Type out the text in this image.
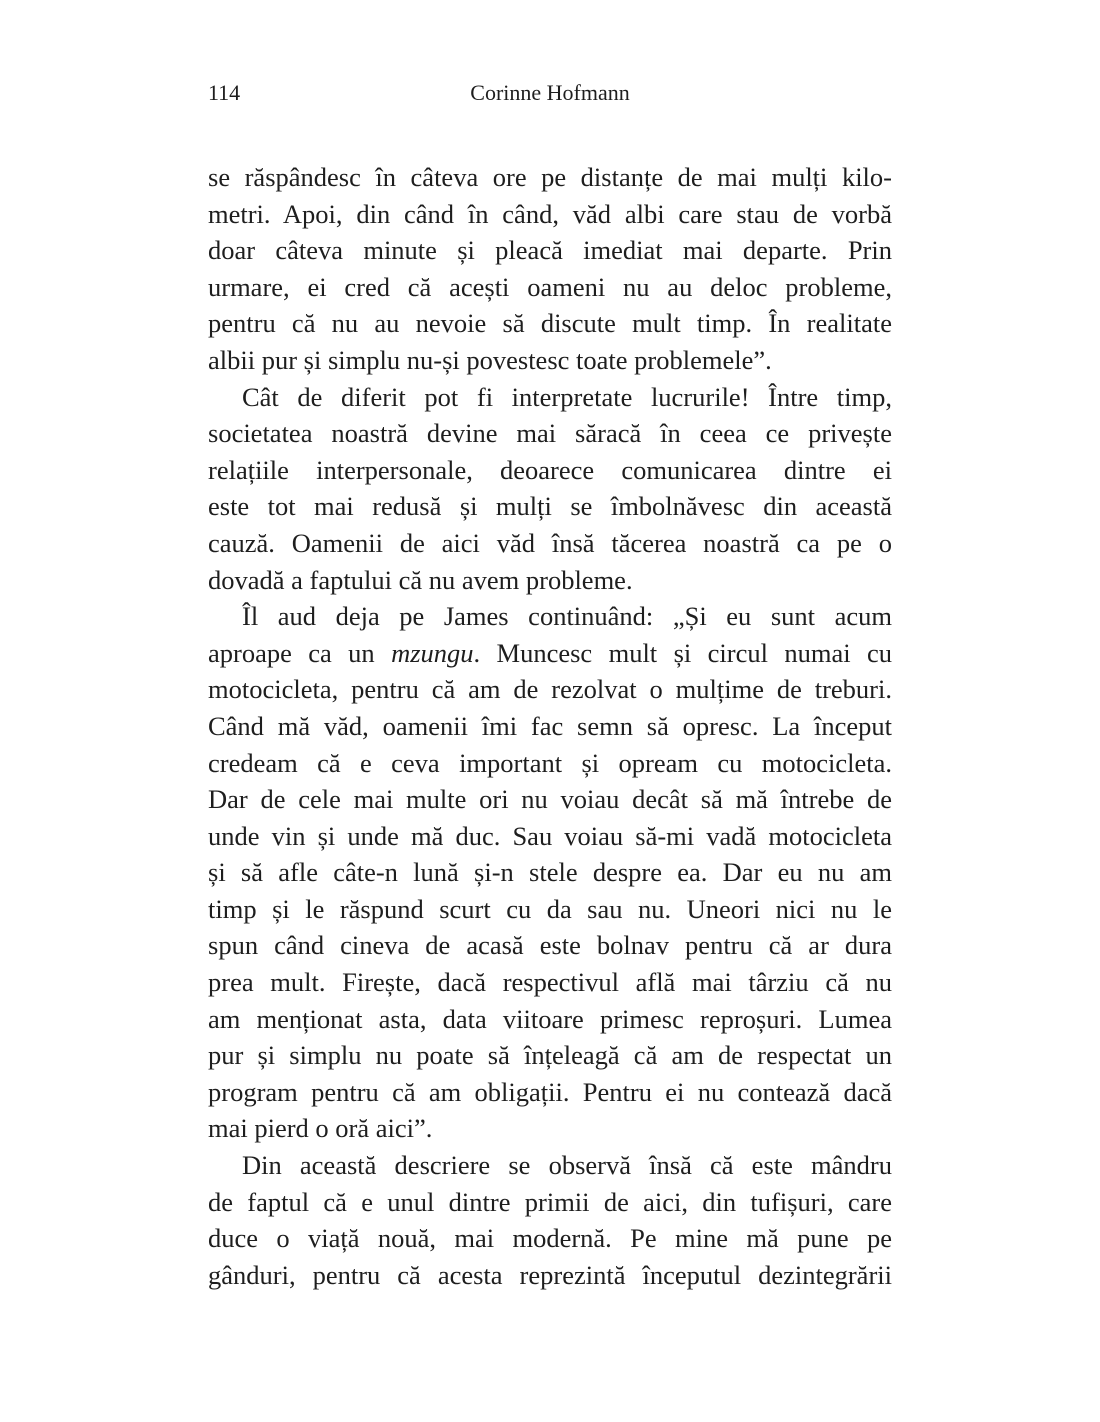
114	Corinne Hofmann
se răspândesc în câteva ore pe distanțe de mai mulți kilo-
metri. Apoi, din când în când, văd albi care stau de vorbă
doar câteva minute și pleacă imediat mai departe. Prin
urmare, ei cred că acești oameni nu au deloc probleme,
pentru că nu au nevoie să discute mult timp. În realitate
albii pur și simplu nu-și povestesc toate problemele”.
Cât de diferit pot fi interpretate lucrurile! Între timp,
societatea noastră devine mai săracă în ceea ce privește
relațiile interpersonale, deoarece comunicarea dintre ei
este tot mai redusă și mulți se îmbolnăvesc din această
cauză. Oamenii de aici văd însă tăcerea noastră ca pe o
dovadă a faptului că nu avem probleme.
Îl aud deja pe James continuând: „Și eu sunt acum
aproape ca un mzungu. Muncesc mult și circul numai cu
motocicleta, pentru că am de rezolvat o mulțime de treburi.
Când mă văd, oamenii îmi fac semn să opresc. La început
credeam că e ceva important și opream cu motocicleta.
Dar de cele mai multe ori nu voiau decât să mă întrebe de
unde vin și unde mă duc. Sau voiau să-mi vadă motocicleta
și să afle câte-n lună și-n stele despre ea. Dar eu nu am
timp și le răspund scurt cu da sau nu. Uneori nici nu le
spun când cineva de acasă este bolnav pentru că ar dura
prea mult. Firește, dacă respectivul află mai târziu că nu
am menționat asta, data viitoare primesc reproșuri. Lumea
pur și simplu nu poate să înțeleagă că am de respectat un
program pentru că am obligații. Pentru ei nu contează dacă
mai pierd o oră aici”.
Din această descriere se observă însă că este mândru
de faptul că e unul dintre primii de aici, din tufișuri, care
duce o viață nouă, mai modernă. Pe mine mă pune pe
gânduri, pentru că acesta reprezintă începutul dezintegrării
